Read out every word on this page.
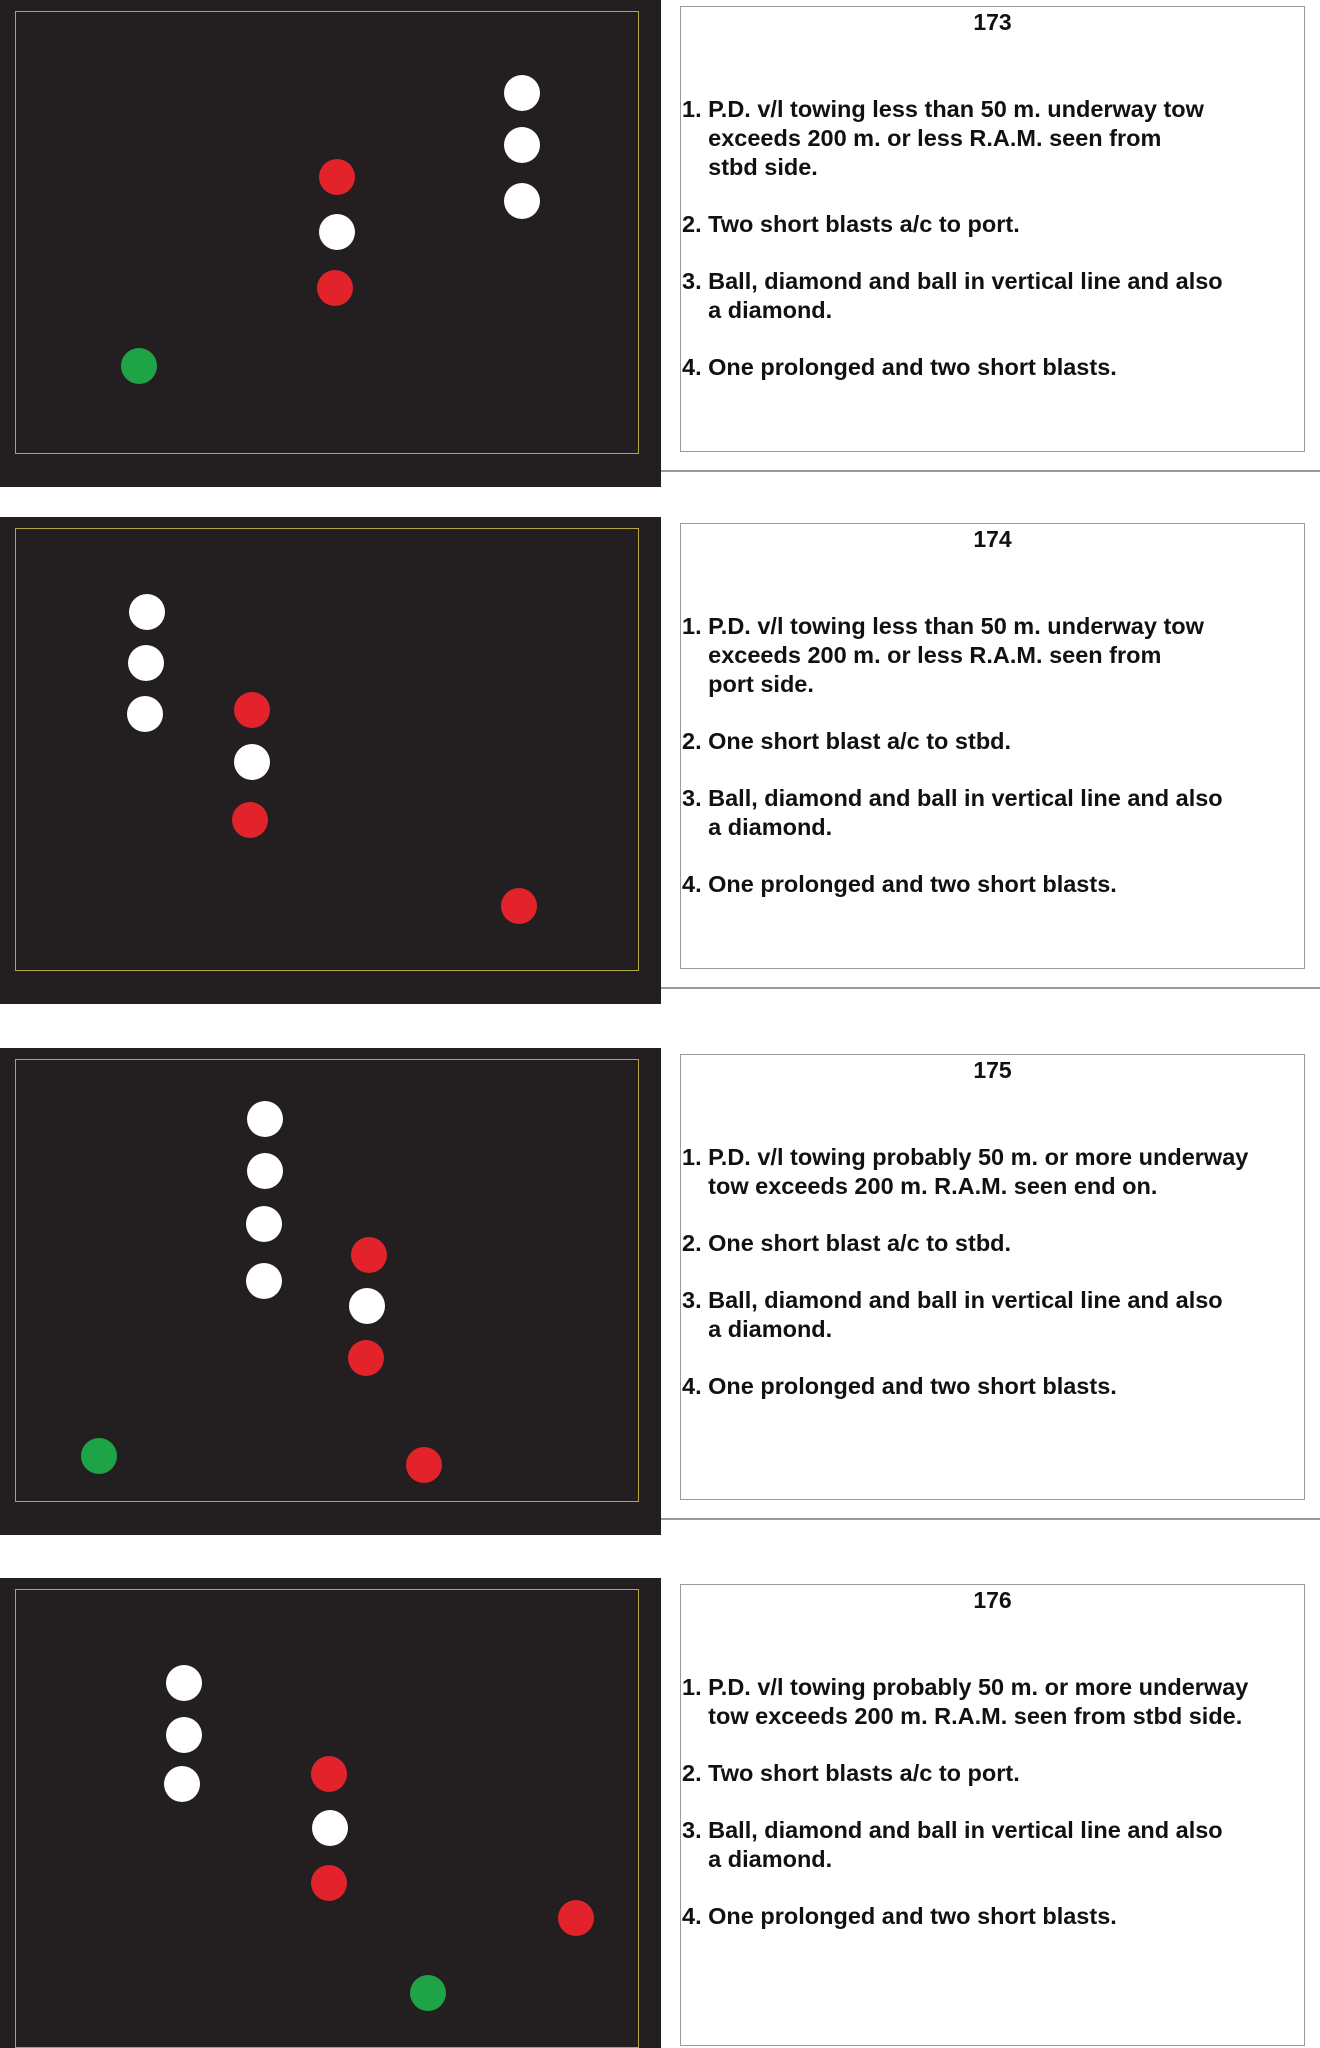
173
1. P.D. v/l towing less than 50 m. underway tow
exceeds 200 m. or less R.A.M. seen from
stbd side.
2. Two short blasts a/c to port.
3. Ball, diamond and ball in vertical line and also
a diamond.
4. One prolonged and two short blasts.
174
1. P.D. v/l towing less than 50 m. underway tow
exceeds 200 m. or less R.A.M. seen from
port side.
2. One short blast a/c to stbd.
3. Ball, diamond and ball in vertical line and also
a diamond.
4. One prolonged and two short blasts.
175
1. P.D. v/l towing probably 50 m. or more underway
tow exceeds 200 m. R.A.M. seen end on.
2. One short blast a/c to stbd.
3. Ball, diamond and ball in vertical line and also
a diamond.
4. One prolonged and two short blasts.
176
1. P.D. v/l towing probably 50 m. or more underway
tow exceeds 200 m. R.A.M. seen from stbd side.
2. Two short blasts a/c to port.
3. Ball, diamond and ball in vertical line and also
a diamond.
4. One prolonged and two short blasts.
